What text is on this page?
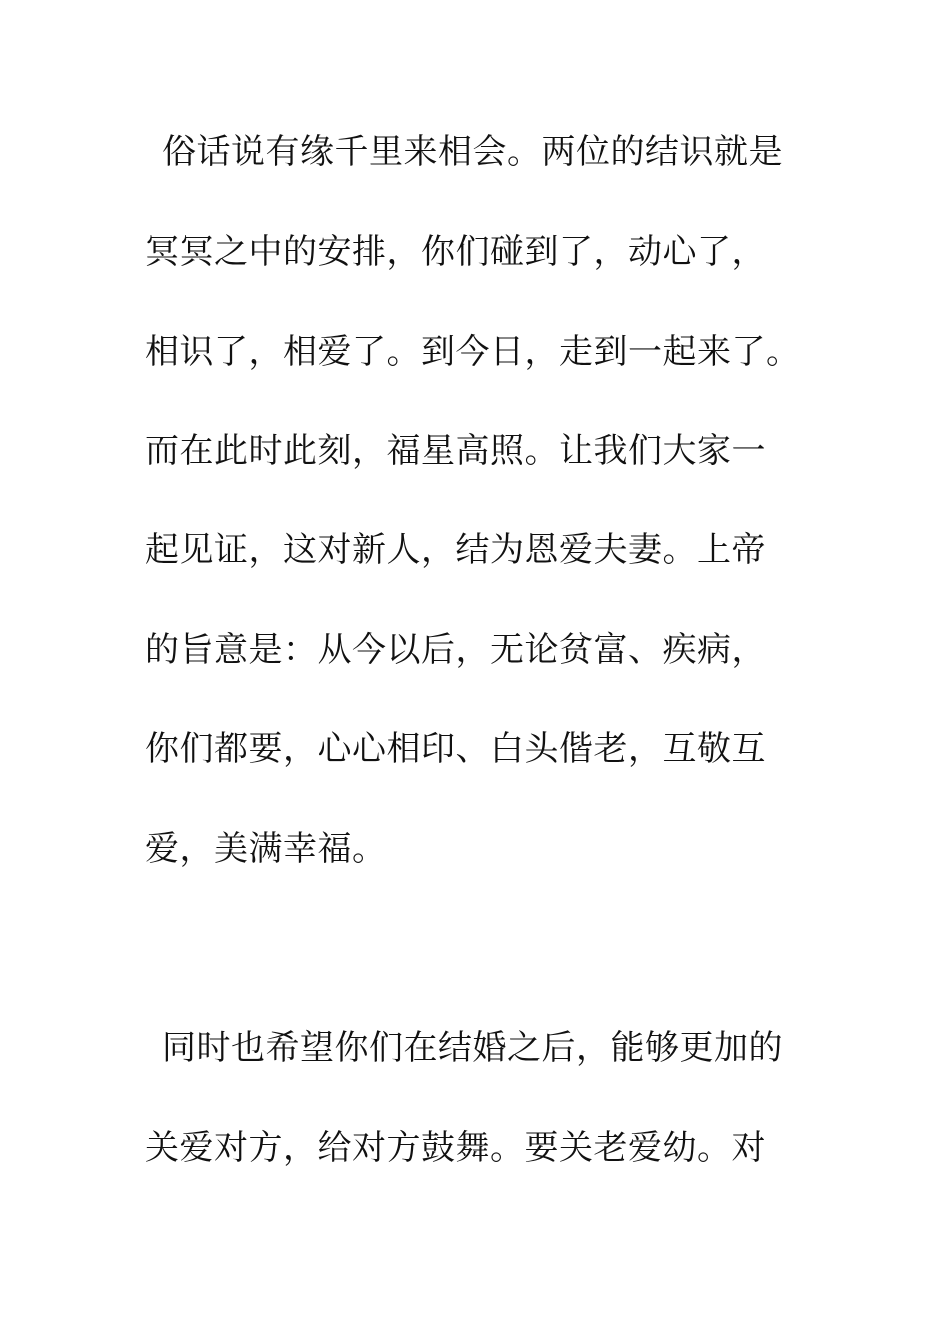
俗话说有缘千里来相会。两位的结识就是
冥冥之中的安排，你们碰到了，动心了，
相识了，相爱了。到今日，走到一起来了。
而在此时此刻，福星高照。让我们大家一
起见证，这对新人，结为恩爱夫妻。上帝
的旨意是：从今以后，无论贫富、疾病，
你们都要，心心相印、白头偕老，互敬互
爱，美满幸福。
同时也希望你们在结婚之后，能够更加的
关爱对方，给对方鼓舞。要关老爱幼。对
